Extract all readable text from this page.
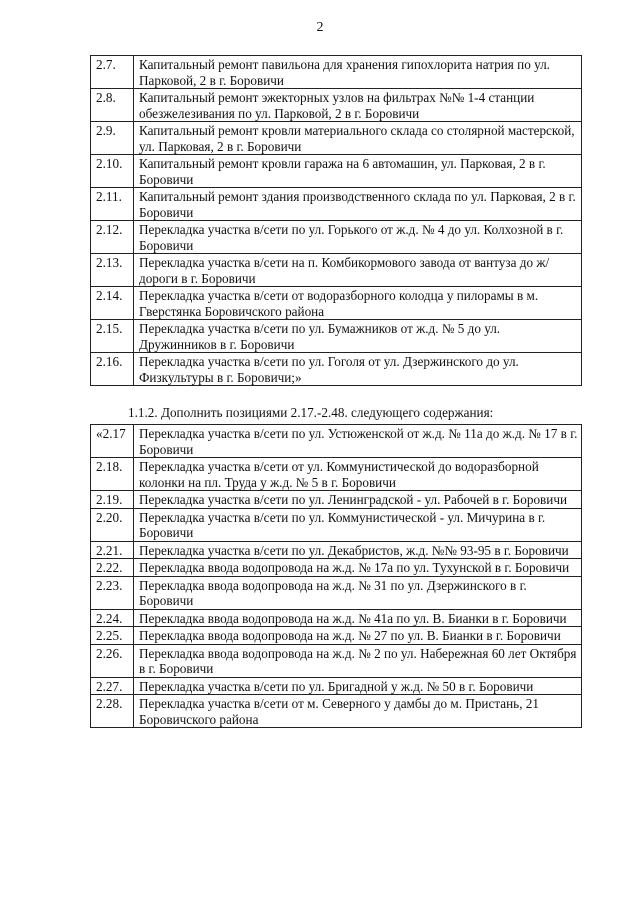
2
2.7.	Капитальный ремонт павильона для хранения гипохлорита натрия по ул. Парковой, 2 в г. Боровичи
2.8.	Капитальный ремонт эжекторных узлов на фильтрах №№ 1-4 станции обезжелезивания по ул. Парковой, 2 в г. Боровичи
2.9.	Капитальный ремонт кровли материального склада со столярной мастерской, ул. Парковая, 2 в г. Боровичи
2.10.	Капитальный ремонт кровли гаража на 6 автомашин, ул. Парковая, 2 в г. Боровичи
2.11.	Капитальный ремонт здания производственного склада по ул. Парковая, 2 в г. Боровичи
2.12.	Перекладка участка в/сети по ул. Горького от ж.д. № 4 до ул. Колхозной в г. Боровичи
2.13.	Перекладка участка в/сети на п. Комбикормового завода от вантуза до ж/дороги в г. Боровичи
2.14.	Перекладка участка в/сети от водоразборного колодца у пилорамы в м. Гверстянка Боровичского района
2.15.	Перекладка участка в/сети по ул. Бумажников от ж.д. № 5 до ул. Дружинников в г. Боровичи
2.16.	Перекладка участка в/сети по ул. Гоголя от ул. Дзержинского до ул. Физкультуры в г. Боровичи;»
1.1.2. Дополнить позициями 2.17.-2.48. следующего содержания:
«2.17	Перекладка участка в/сети по ул. Устюженской от ж.д. № 11а до ж.д. № 17 в г. Боровичи
2.18.	Перекладка участка в/сети от ул. Коммунистической до водоразборной колонки на пл. Труда у ж.д. № 5 в г. Боровичи
2.19.	Перекладка участка в/сети по ул. Ленинградской - ул. Рабочей в г. Боровичи
2.20.	Перекладка участка в/сети по ул. Коммунистической - ул. Мичурина в г. Боровичи
2.21.	Перекладка участка в/сети по ул. Декабристов, ж.д. №№ 93-95 в г. Боровичи
2.22.	Перекладка ввода водопровода на ж.д. № 17а по ул. Тухунской в г. Боровичи
2.23.	Перекладка ввода водопровода на ж.д. № 31 по ул. Дзержинского в г. Боровичи
2.24.	Перекладка ввода водопровода на ж.д. № 41а по ул. В. Бианки в г. Боровичи
2.25.	Перекладка ввода водопровода на ж.д. № 27 по ул. В. Бианки в г. Боровичи
2.26.	Перекладка ввода водопровода на ж.д. № 2 по ул. Набережная 60 лет Октября в г. Боровичи
2.27.	Перекладка участка в/сети по ул. Бригадной у ж.д. № 50 в г. Боровичи
2.28.	Перекладка участка в/сети от м. Северного у дамбы до м. Пристань, 21 Боровичского района
